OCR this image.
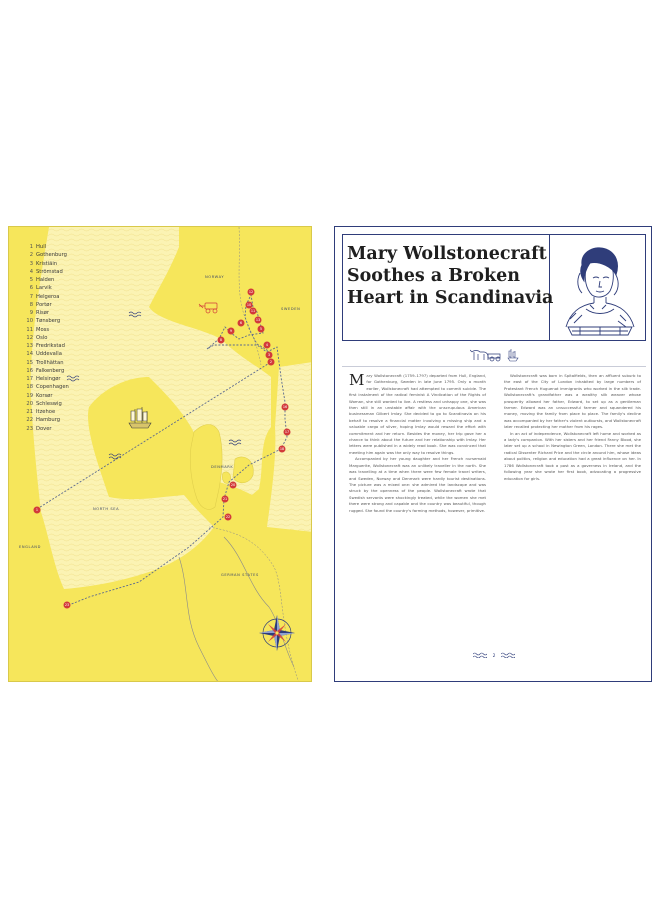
1
23
22
21
20
18
17
16
2
4
5
6
12
11
13
9
10
8
3
1 Hull
2 Gothenburg
3 Kristiäin
4 Strömstad
5 Halden
6 Larvik
7 Helgeroa
8 Portør
9 Risør
10 Tønsberg
11 Moss
12 Oslo
13 Fredrikstad
14 Uddevalla
15 Trollhättan
16 Falkenberg
17 Helsingør
18 Copenhagen
19 Korsør
20 Schleswig
21 Itzehoe
22 Hamburg
23 Dover
NORWAY
SWEDEN
DENMARK
NORTH SEA
ENGLAND
GERMAN STATES
Mary Wollstonecraft
Soothes a Broken
Heart in Scandinavia
M ary Wollstonecraft (1759–1797) departed from Hull, England, for Gothenburg, Sweden in late June 1795. Only a month earlier, Wollstonecraft had attempted to commit suicide. The first instalment of the radical feminist A Vindication of the Rights of Woman, she still wanted to live. A restless and unhappy one, she was then still in an unstable affair with the unscrupulous American businessman Gilbert Imlay. She decided to go to Scandinavia on his behalf to resolve a financial matter involving a missing ship and a valuable cargo of silver, hoping Imlay would reward the effort with commitment and her return. Besides the money, her trip gave her a chance to think about the future and her relationship with Imlay. Her letters were published in a widely read book. She was convinced that meeting him again was the only way to resolve things.

Accompanied by her young daughter and her French nursemaid Marguerite, Wollstonecraft was an unlikely traveller in the north. She was travelling at a time when there were few female travel writers, and Sweden, Norway and Denmark were hardly tourist destinations. The picture was a mixed one: she admired the landscape and was struck by the openness of the people. Wollstonecraft wrote that Swedish servants were shockingly treated, while the women she met there were strong and capable and the country was beautiful, though rugged. She found the country's farming methods, however, primitive.

Wollstonecraft was born in Spitalfields, then an affluent suburb to the east of the City of London inhabited by large numbers of Protestant French Huguenot immigrants who worked in the silk trade. Wollstonecraft's grandfather was a wealthy silk weaver whose prosperity allowed her father, Edward, to set up as a gentleman farmer. Edward was an unsuccessful farmer and squandered his money, moving the family from place to place. The family's decline was accompanied by her father's violent outbursts, and Wollstonecraft later recalled protecting her mother from his rages.

In an act of independence, Wollstonecraft left home and worked as a lady's companion. With her sisters and her friend Fanny Blood, she later set up a school in Newington Green, London. There she met the radical Dissenter Richard Price and the circle around him, whose ideas about politics, religion and education had a great influence on her. In 1786 Wollstonecraft took a post as a governess in Ireland, and the following year she wrote her first book, advocating a progressive education for girls.

2
